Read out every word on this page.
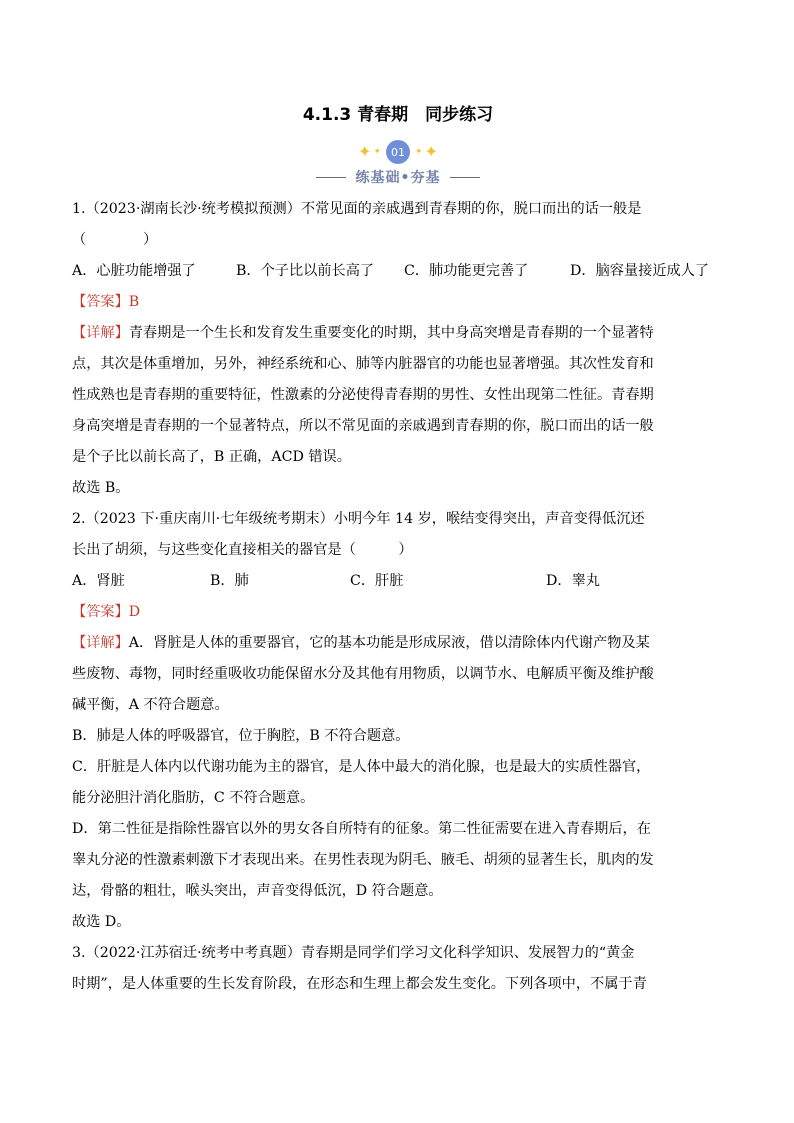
4.1.3 青春期　同步练习
✦ ✦ 01	✦ ✦
练基础•夯基
1.（2023·湖南长沙·统考模拟预测）不常见面的亲戚遇到青春期的你，脱口而出的话一般是
（　　　　）
A．心脏功能增强了	B．个子比以前长高了	C．肺功能更完善了	D．脑容量接近成人了
【答案】B
【详解】青春期是一个生长和发育发生重要变化的时期，其中身高突增是青春期的一个显著特
点，其次是体重增加，另外，神经系统和心、肺等内脏器官的功能也显著增强。其次性发育和
性成熟也是青春期的重要特征，性激素的分泌使得青春期的男性、女性出现第二性征。青春期
身高突增是青春期的一个显著特点，所以不常见面的亲戚遇到青春期的你，脱口而出的话一般
是个子比以前长高了，B 正确，ACD 错误。
故选 B。
2.（2023 下·重庆南川·七年级统考期末）小明今年 14 岁，喉结变得突出，声音变得低沉还
长出了胡须，与这些变化直接相关的器官是（　　　）
A．肾脏	B．肺	C．肝脏	D．睾丸
【答案】D
【详解】A．肾脏是人体的重要器官，它的基本功能是形成尿液，借以清除体内代谢产物及某
些废物、毒物，同时经重吸收功能保留水分及其他有用物质，以调节水、电解质平衡及维护酸
碱平衡，A 不符合题意。
B．肺是人体的呼吸器官，位于胸腔，B 不符合题意。
C．肝脏是人体内以代谢功能为主的器官，是人体中最大的消化腺，也是最大的实质性器官，
能分泌胆汁消化脂肪，C 不符合题意。
D．第二性征是指除性器官以外的男女各自所特有的征象。第二性征需要在进入青春期后，在
睾丸分泌的性激素刺激下才表现出来。在男性表现为阴毛、腋毛、胡须的显著生长，肌肉的发
达，骨骼的粗壮，喉头突出，声音变得低沉，D 符合题意。
故选 D。
3.（2022·江苏宿迁·统考中考真题）青春期是同学们学习文化科学知识、发展智力的“黄金
时期”，是人体重要的生长发育阶段，在形态和生理上都会发生变化。下列各项中，不属于青
